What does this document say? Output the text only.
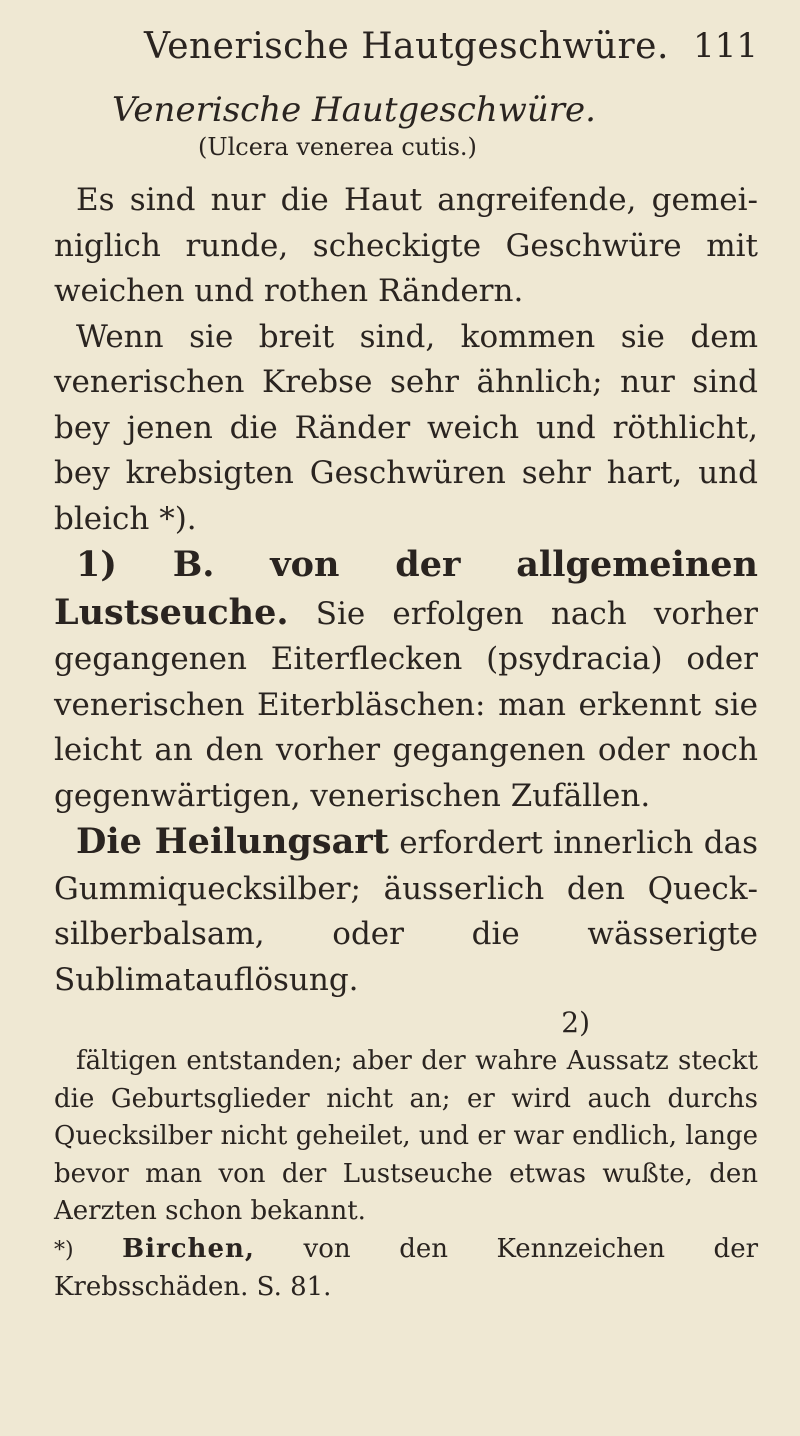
Venerische Hautgeschwüre. 111
Venerische Hautgeschwüre.
(Ulcera venerea cutis.)

Es sind nur die Haut angreifende, gemeiniglich runde, scheckigte Geschwüre mit weichen und rothen Rändern.

Wenn sie breit sind, kommen sie dem venerischen Krebse sehr ähnlich; nur sind bey jenen die Ränder weich und röthlicht, bey krebsigten Geschwüren sehr hart, und bleich *).

1) B. von der allgemeinen Lustseuche. Sie erfolgen nach vorher gegangenen Eiterflecken (psydracia) oder venerischen Eiterbläschen: man erkennt sie leicht an den vorher gegangenen oder noch gegenwärtigen, venerischen Zufällen.

Die Heilungsart erfordert innerlich das Gummiquecksilber; äusserlich den Quecksilberbalsam, oder die wässerigte Sublimatauflösung.

2)

fältigen entstanden; aber der wahre Aussatz steckt die Geburtsglieder nicht an; er wird auch durchs Quecksilber nicht geheilet, und er war endlich, lange bevor man von der Lustseuche etwas wußte, den Aerzten schon bekannt.

*) Birchen, von den Kennzeichen der Krebsschäden. S. 81.
